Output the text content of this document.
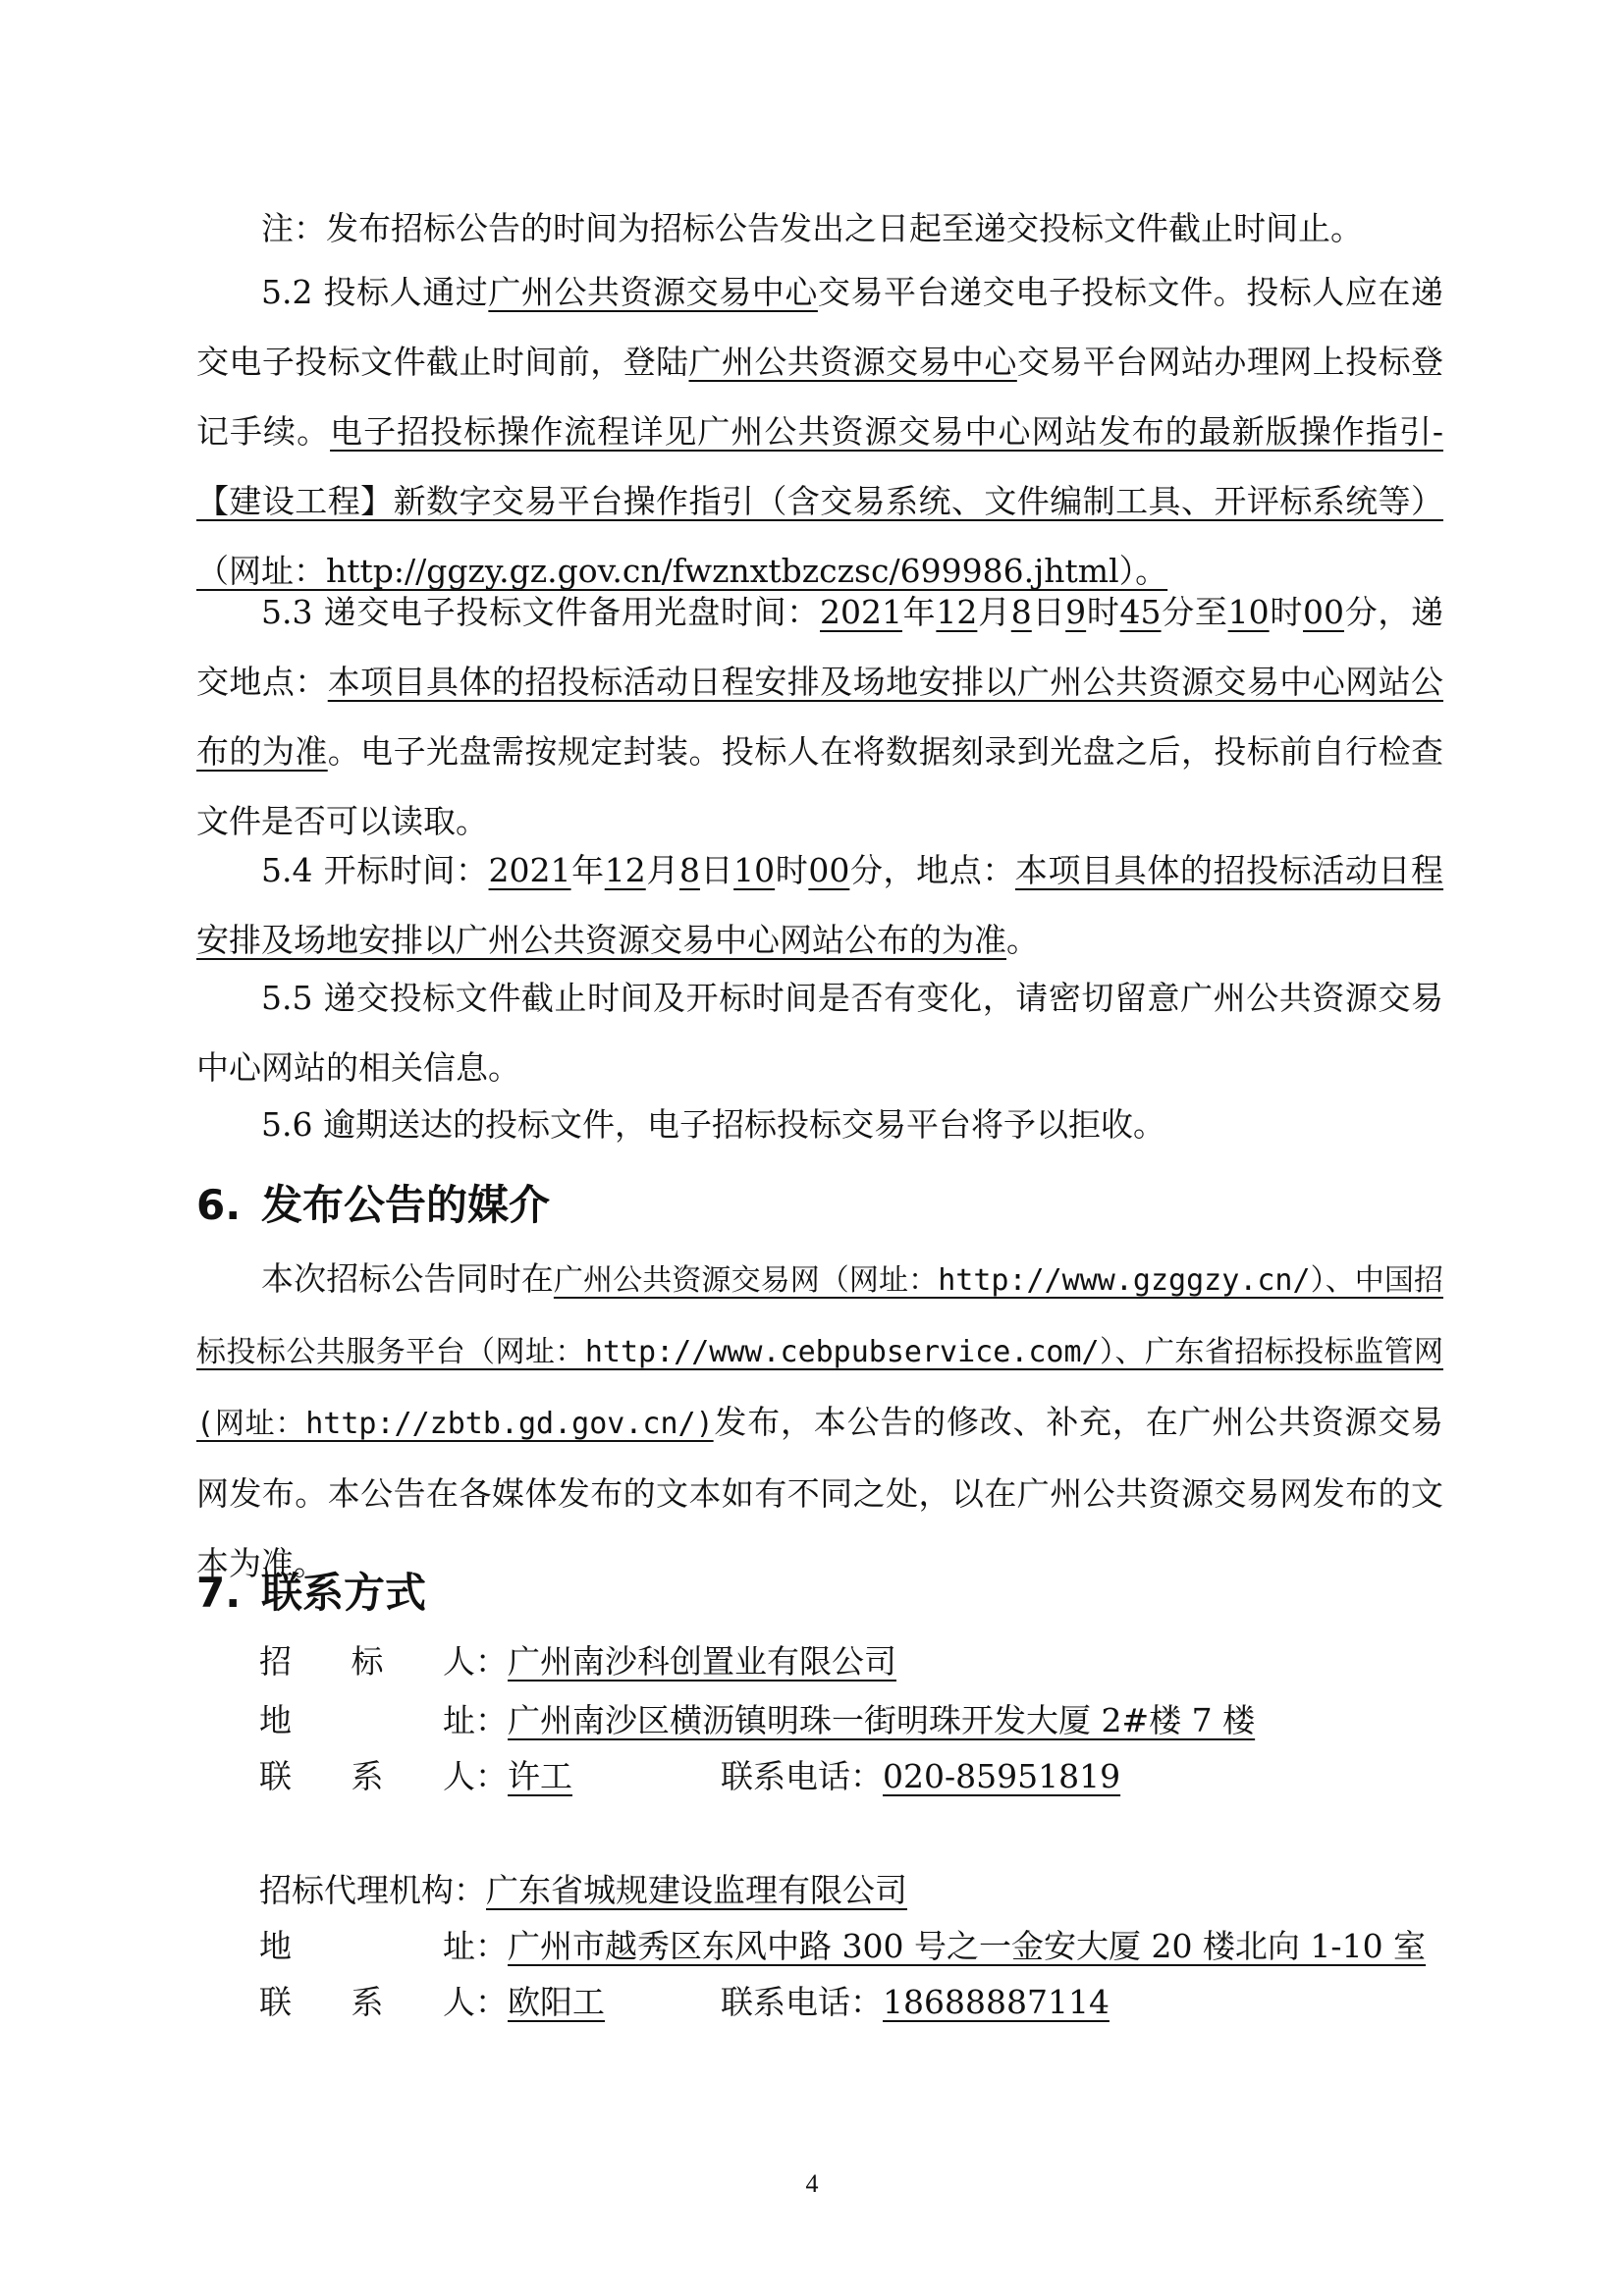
注：发布招标公告的时间为招标公告发出之日起至递交投标文件截止时间止。

5.2 投标人通过广州公共资源交易中心交易平台递交电子投标文件。投标人应在递交电子投标文件截止时间前，登陆广州公共资源交易中心交易平台网站办理网上投标登记手续。电子招投标操作流程详见广州公共资源交易中心网站发布的最新版操作指引-【建设工程】新数字交易平台操作指引（含交易系统、文件编制工具、开评标系统等）（网址：http://ggzy.gz.gov.cn/fwznxtbzczsc/699986.jhtml）。

5.3 递交电子投标文件备用光盘时间：2021年12月8日9时45分至10时00分，递交地点：本项目具体的招投标活动日程安排及场地安排以广州公共资源交易中心网站公布的为准。电子光盘需按规定封装。投标人在将数据刻录到光盘之后，投标前自行检查文件是否可以读取。

5.4 开标时间：2021年12月8日10时00分，地点：本项目具体的招投标活动日程安排及场地安排以广州公共资源交易中心网站公布的为准。

5.5 递交投标文件截止时间及开标时间是否有变化，请密切留意广州公共资源交易中心网站的相关信息。

5.6 逾期送达的投标文件，电子招标投标交易平台将予以拒收。

6. 发布公告的媒介

本次招标公告同时在广州公共资源交易网（网址：http://www.gzggzy.cn/）、中国招标投标公共服务平台（网址：http://www.cebpubservice.com/）、广东省招标投标监管网(网址：http://zbtb.gd.gov.cn/)发布，本公告的修改、补充，在广州公共资源交易网发布。本公告在各媒体发布的文本如有不同之处，以在广州公共资源交易网发布的文本为准。

7. 联系方式
招 标 人 ：广州南沙科创置业有限公司
地	址 ：广州南沙区横沥镇明珠一街明珠开发大厦 2#楼 7 楼
联 系 人 ：许工	联系电话：020-85951819
招标代理机构：广东省城规建设监理有限公司
地	址 ：广州市越秀区东风中路 300 号之一金安大厦 20 楼北向 1-10 室
联 系 人 ：欧阳工	联系电话：18688887114
4
